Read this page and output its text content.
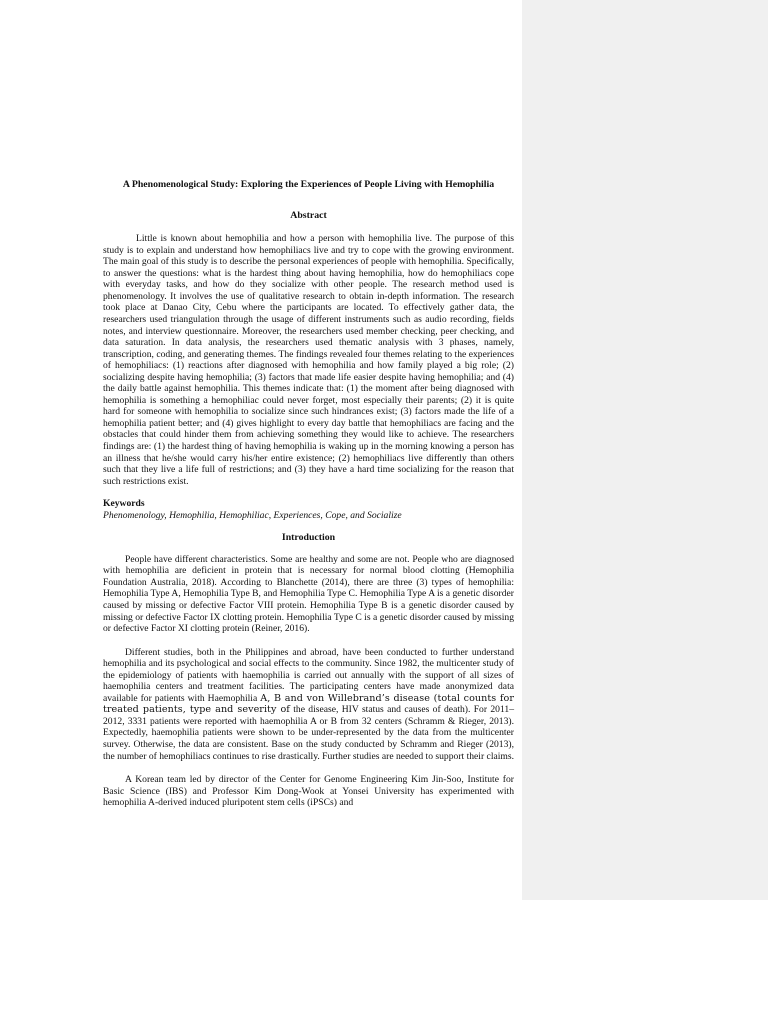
A Phenomenological Study: Exploring the Experiences of People Living with Hemophilia
Abstract

Little is known about hemophilia and how a person with hemophilia live. The purpose of this study is to explain and understand how hemophiliacs live and try to cope with the growing environment. The main goal of this study is to describe the personal experiences of people with hemophilia. Specifically, to answer the questions: what is the hardest thing about having hemophilia, how do hemophiliacs cope with everyday tasks, and how do they socialize with other people. The research method used is phenomenology. It involves the use of qualitative research to obtain in-depth information. The research took place at Danao City, Cebu where the participants are located. To effectively gather data, the researchers used triangulation through the usage of different instruments such as audio recording, fields notes, and interview questionnaire. Moreover, the researchers used member checking, peer checking, and data saturation. In data analysis, the researchers used thematic analysis with 3 phases, namely, transcription, coding, and generating themes. The findings revealed four themes relating to the experiences of hemophiliacs: (1) reactions after diagnosed with hemophilia and how family played a big role; (2) socializing despite having hemophilia; (3) factors that made life easier despite having hemophilia; and (4) the daily battle against hemophilia. This themes indicate that: (1) the moment after being diagnosed with hemophilia is something a hemophiliac could never forget, most especially their parents; (2) it is quite hard for someone with hemophilia to socialize since such hindrances exist; (3) factors made the life of a hemophilia patient better; and (4) gives highlight to every day battle that hemophiliacs are facing and the obstacles that could hinder them from achieving something they would like to achieve. The researchers findings are: (1) the hardest thing of having hemophilia is waking up in the morning knowing a person has an illness that he/she would carry his/her entire existence; (2) hemophiliacs live differently than others such that they live a life full of restrictions; and (3) they have a hard time socializing for the reason that such restrictions exist.

Keywords
Phenomenology, Hemophilia, Hemophiliac, Experiences, Cope, and Socialize
Introduction

People have different characteristics. Some are healthy and some are not. People who are diagnosed with hemophilia are deficient in protein that is necessary for normal blood clotting (Hemophilia Foundation Australia, 2018). According to Blanchette (2014), there are three (3) types of hemophilia: Hemophilia Type A, Hemophilia Type B, and Hemophilia Type C. Hemophilia Type A is a genetic disorder caused by missing or defective Factor VIII protein. Hemophilia Type B is a genetic disorder caused by missing or defective Factor IX clotting protein. Hemophilia Type C is a genetic disorder caused by missing or defective Factor XI clotting protein (Reiner, 2016).

Different studies, both in the Philippines and abroad, have been conducted to further understand hemophilia and its psychological and social effects to the community. Since 1982, the multicenter study of the epidemiology of patients with haemophilia is carried out annually with the support of all sizes of haemophilia centers and treatment facilities. The participating centers have made anonymized data available for patients with Haemophilia A, B and von Willebrand’s disease (total counts for treated patients, type and severity of the disease, HIV status and causes of death). For 2011–2012, 3331 patients were reported with haemophilia A or B from 32 centers (Schramm & Rieger, 2013). Expectedly, haemophilia patients were shown to be under-represented by the data from the multicenter survey. Otherwise, the data are consistent. Base on the study conducted by Schramm and Rieger (2013), the number of hemophiliacs continues to rise drastically. Further studies are needed to support their claims.

A Korean team led by director of the Center for Genome Engineering Kim Jin-Soo, Institute for Basic Science (IBS) and Professor Kim Dong-Wook at Yonsei University has experimented with hemophilia A-derived induced pluripotent stem cells (iPSCs) and
